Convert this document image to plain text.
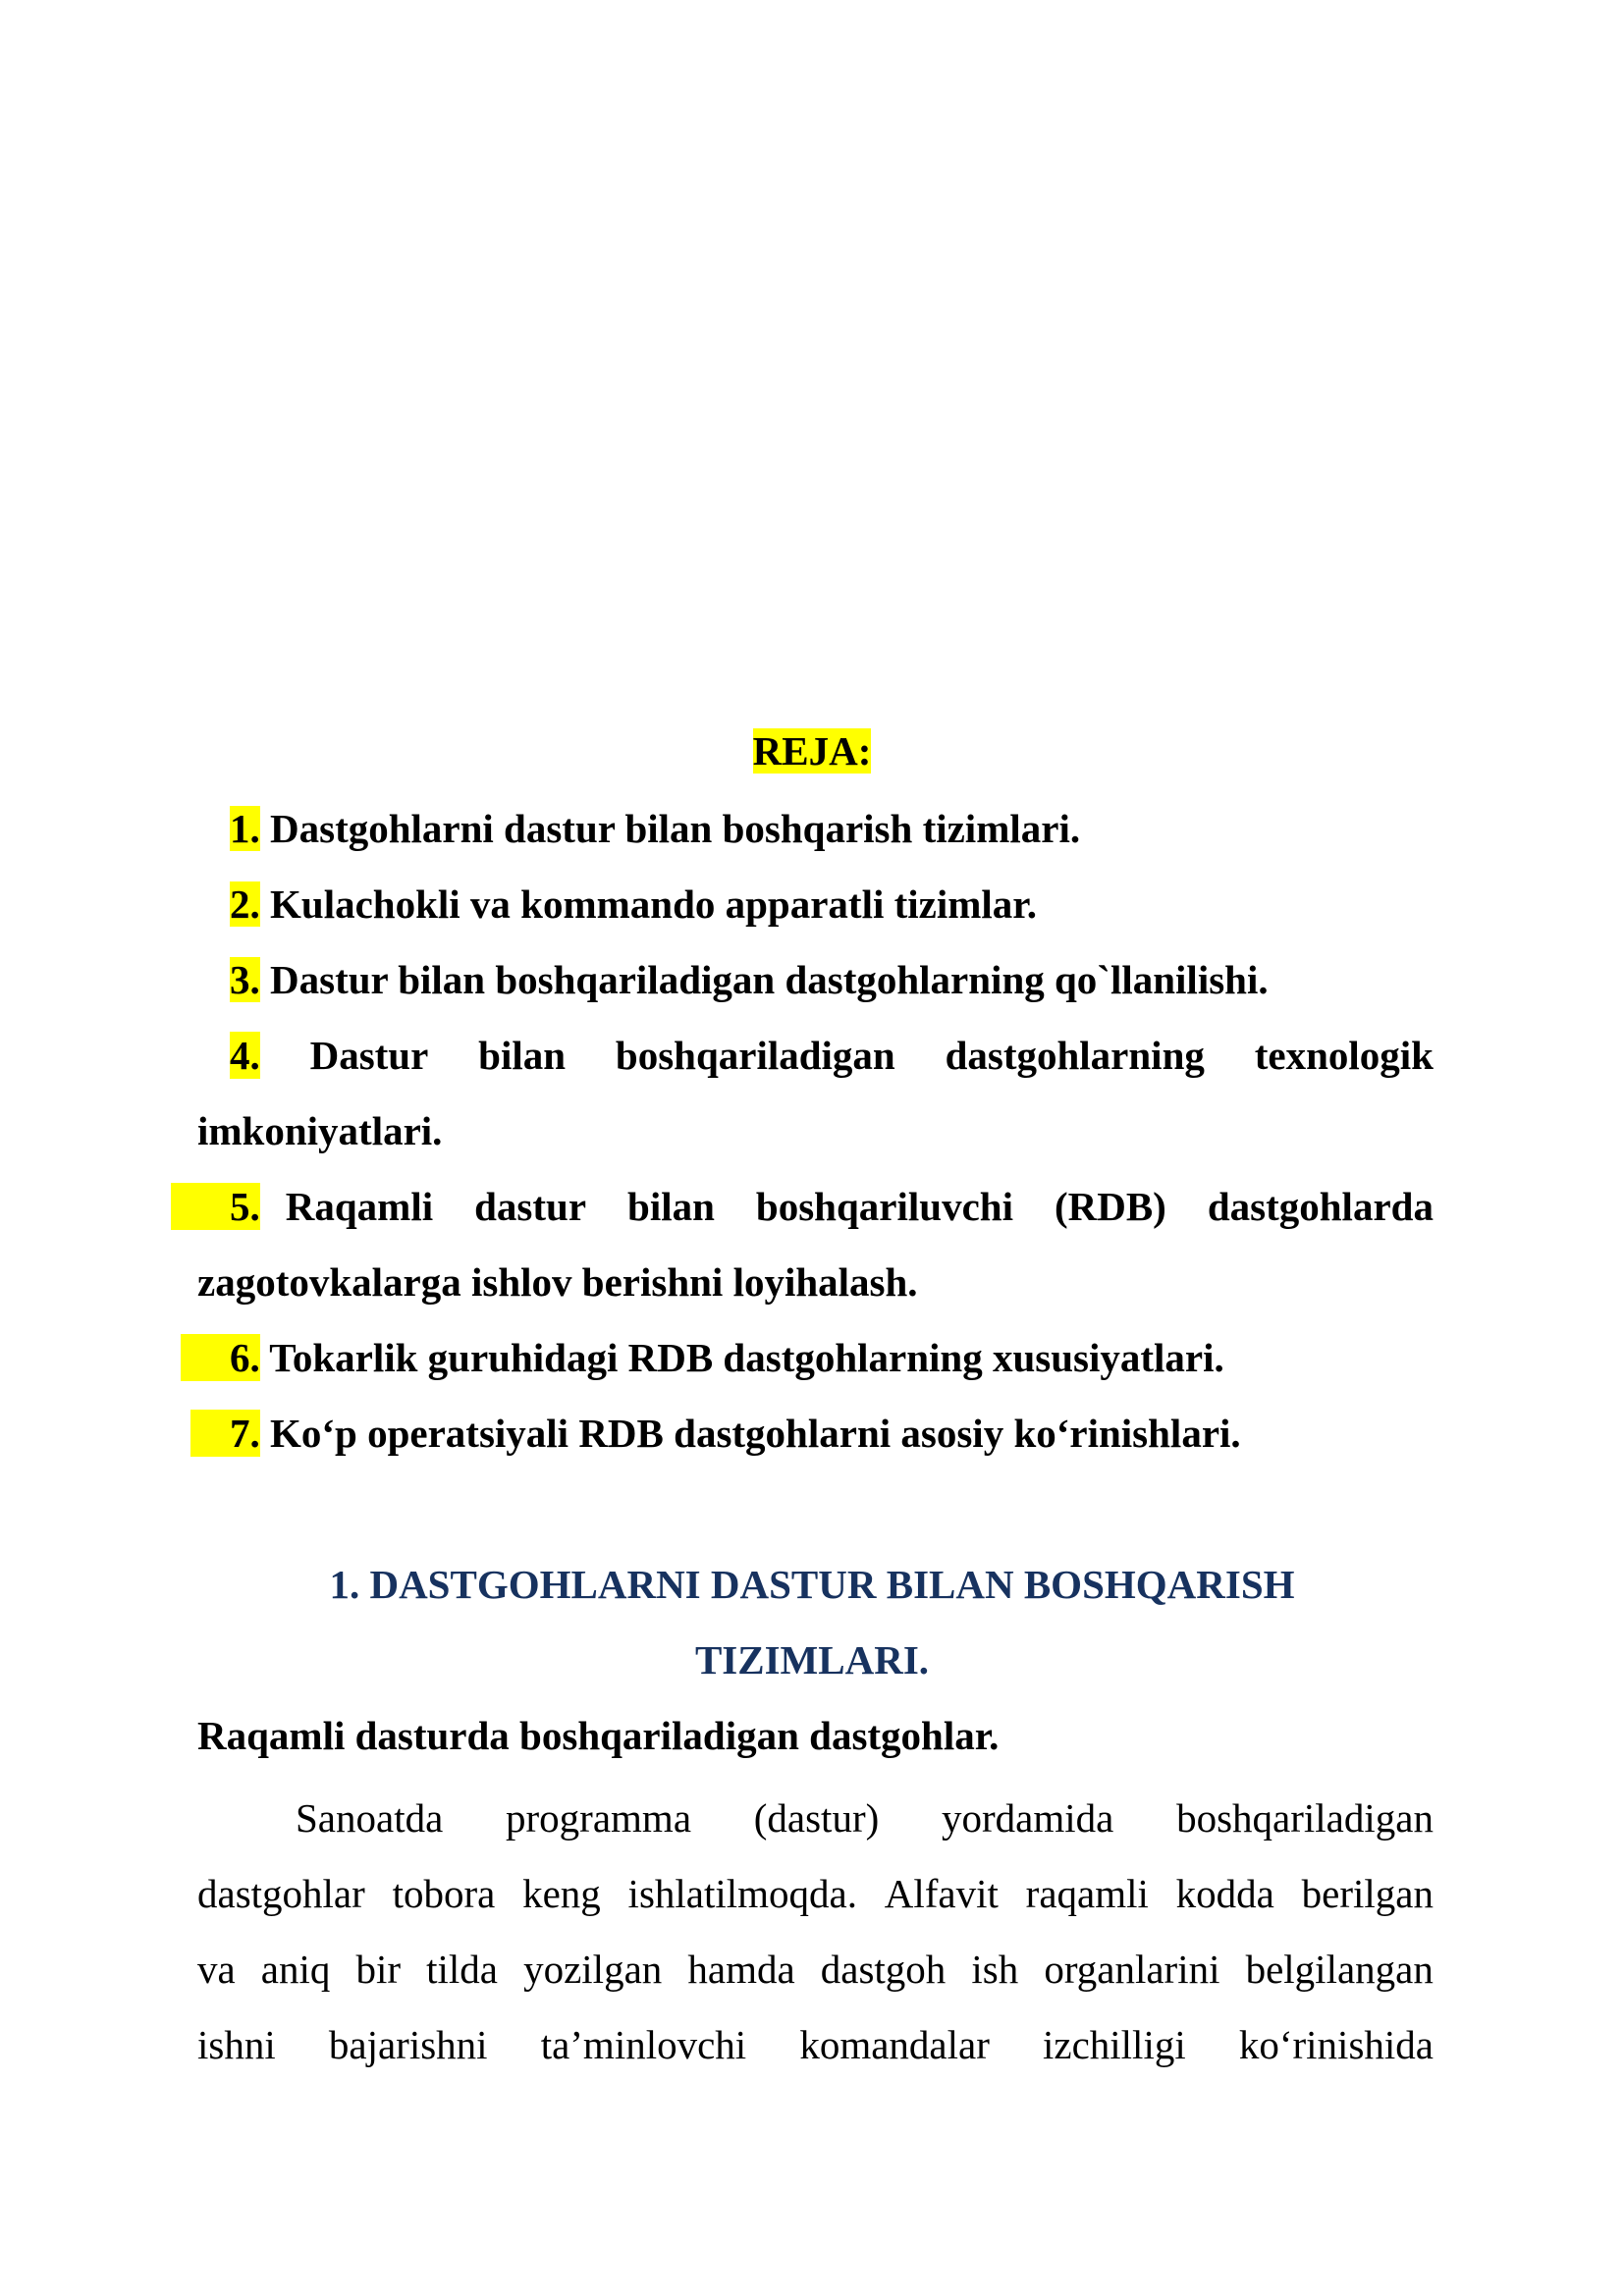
REJA:
1. Dastgohlarni dastur bilan boshqarish tizimlari.
2. Kulachokli va kommando apparatli tizimlar.
3. Dastur bilan boshqariladigan dastgohlarning qo`llanilishi.
4. Dastur bilan boshqariladigan dastgohlarning texnologik
imkoniyatlari.
5. Raqamli dastur bilan boshqariluvchi (RDB) dastgohlarda
zagotovkalarga ishlov berishni loyihalash.
6. Tokarlik guruhidagi RDB dastgohlarning xususiyatlari.
7. Ko‘p operatsiyali RDB dastgohlarni asosiy ko‘rinishlari.
1. DASTGOHLARNI DASTUR BILAN BOSHQARISH
TIZIMLARI.
Raqamli dasturda boshqariladigan dastgohlar.
Sanoatda programma (dastur) yordamida boshqariladigan
dastgohlar tobora keng ishlatilmoqda. Alfavit raqamli kodda berilgan
va aniq bir tilda yozilgan hamda dastgoh ish organlarini belgilangan
ishni bajarishni ta’minlovchi komandalar izchilligi ko‘rinishida
